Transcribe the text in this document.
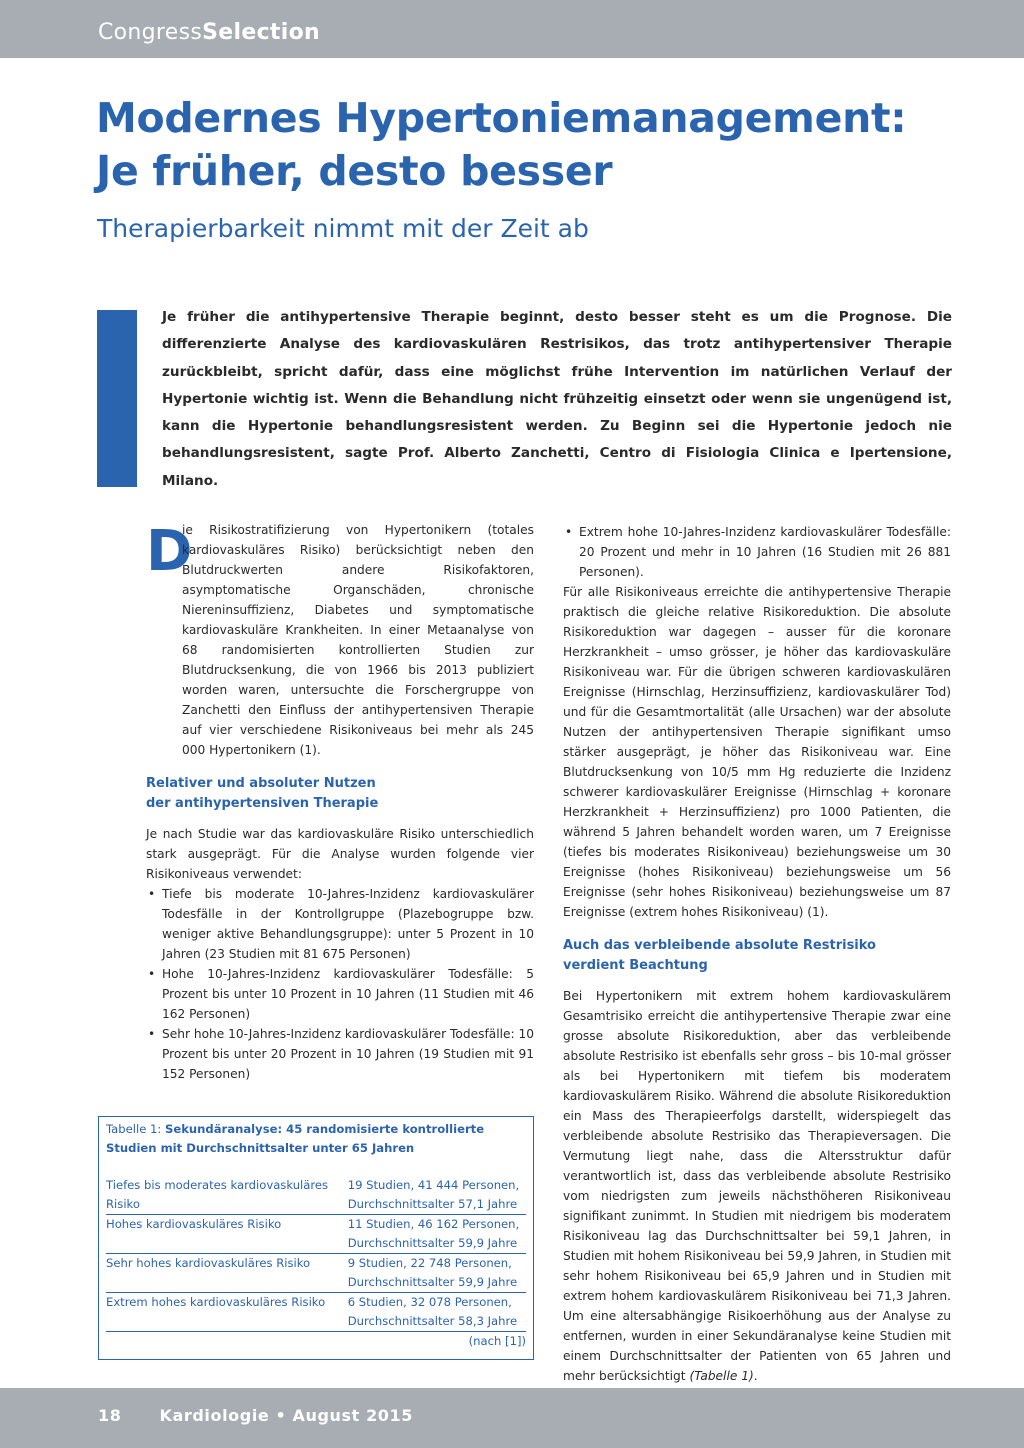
CongressSelection
Modernes Hypertoniemanagement:
Je früher, desto besser
Therapierbarkeit nimmt mit der Zeit ab

Je früher die antihypertensive Therapie beginnt, desto besser steht es um die Prognose. Die differenzierte Analyse des kardiovaskulären Restrisikos, das trotz antihypertensiver Therapie zurückbleibt, spricht dafür, dass eine möglichst frühe Intervention im natürlichen Verlauf der Hypertonie wichtig ist. Wenn die Behandlung nicht frühzeitig einsetzt oder wenn sie ungenügend ist, kann die Hypertonie behandlungsresistent werden. Zu Beginn sei die Hypertonie jedoch nie behandlungsresistent, sagte Prof. Alberto Zanchetti, Centro di Fisiologia Clinica e Ipertensione, Milano.

D

ie Risikostratifizierung von Hypertonikern (totales kardiovaskuläres Risiko) berücksichtigt neben den Blutdruckwerten andere Risikofaktoren, asymptomatische Organschäden, chronische Niereninsuffizienz, Diabetes und symptomatische kardiovaskuläre Krankheiten. In einer Metaanalyse von 68 randomisierten kontrollierten Studien zur Blutdrucksenkung, die von 1966 bis 2013 publiziert worden waren, untersuchte die Forschergruppe von Zanchetti den Einfluss der antihypertensiven Therapie auf vier verschiedene Risikoniveaus bei mehr als 245 000 Hypertonikern (1).

Relativer und absoluter Nutzen
der antihypertensiven Therapie

Je nach Studie war das kardiovaskuläre Risiko unterschiedlich stark ausgeprägt. Für die Analyse wurden folgende vier Risikoniveaus verwendet:

• Tiefe bis moderate 10-Jahres-Inzidenz kardiovaskulärer Todesfälle in der Kontrollgruppe (Plazebogruppe bzw. weniger aktive Behandlungsgruppe): unter 5 Prozent in 10 Jahren (23 Studien mit 81 675 Personen)
• Hohe 10-Jahres-Inzidenz kardiovaskulärer Todesfälle: 5 Prozent bis unter 10 Prozent in 10 Jahren (11 Studien mit 46 162 Personen)
• Sehr hohe 10-Jahres-Inzidenz kardiovaskulärer Todesfälle: 10 Prozent bis unter 20 Prozent in 10 Jahren (19 Studien mit 91 152 Personen)
• Extrem hohe 10-Jahres-Inzidenz kardiovaskulärer Todesfälle: 20 Prozent und mehr in 10 Jahren (16 Studien mit 26 881 Personen).

Für alle Risikoniveaus erreichte die antihypertensive Therapie praktisch die gleiche relative Risikoreduktion. Die absolute Risikoreduktion war dagegen – ausser für die koronare Herzkrankheit – umso grösser, je höher das kardiovaskuläre Risikoniveau war. Für die übrigen schweren kardiovaskulären Ereignisse (Hirnschlag, Herzinsuffizienz, kardiovaskulärer Tod) und für die Gesamtmortalität (alle Ursachen) war der absolute Nutzen der antihypertensiven Therapie signifikant umso stärker ausgeprägt, je höher das Risikoniveau war. Eine Blutdrucksenkung von 10/5 mm Hg reduzierte die Inzidenz schwerer kardiovaskulärer Ereignisse (Hirnschlag + koronare Herzkrankheit + Herzinsuffizienz) pro 1000 Patienten, die während 5 Jahren behandelt worden waren, um 7 Ereignisse (tiefes bis moderates Risikoniveau) beziehungsweise um 30 Ereignisse (hohes Risikoniveau) beziehungsweise um 56 Ereignisse (sehr hohes Risikoniveau) beziehungsweise um 87 Ereignisse (extrem hohes Risikoniveau) (1).

Auch das verbleibende absolute Restrisiko
verdient Beachtung

Bei Hypertonikern mit extrem hohem kardiovaskulärem Gesamtrisiko erreicht die antihypertensive Therapie zwar eine grosse absolute Risikoreduktion, aber das verbleibende absolute Restrisiko ist ebenfalls sehr gross – bis 10-mal grösser als bei Hypertonikern mit tiefem bis moderatem kardiovaskulärem Risiko. Während die absolute Risikoreduktion ein Mass des Therapieerfolgs darstellt, widerspiegelt das verbleibende absolute Restrisiko das Therapieversagen. Die Vermutung liegt nahe, dass die Altersstruktur dafür verantwortlich ist, dass das verbleibende absolute Restrisiko vom niedrigsten zum jeweils nächsthöheren Risikoniveau signifikant zunimmt. In Studien mit niedrigem bis moderatem Risikoniveau lag das Durchschnittsalter bei 59,1 Jahren, in Studien mit hohem Risikoniveau bei 59,9 Jahren, in Studien mit sehr hohem Risikoniveau bei 65,9 Jahren und in Studien mit extrem hohem kardiovaskulärem Risikoniveau bei 71,3 Jahren. Um eine altersabhängige Risikoerhöhung aus der Analyse zu entfernen, wurden in einer Sekundäranalyse keine Studien mit einem Durchschnittsalter der Patienten von 65 Jahren und mehr berücksichtigt (Tabelle 1).

Tabelle 1: Sekundäranalyse: 45 randomisierte kontrollierte Studien mit Durchschnittsalter unter 65 Jahren
Tiefes bis moderates kardiovaskuläres Risiko
19 Studien, 41 444 Personen,
Durchschnittsalter 57,1 Jahre
Hohes kardiovaskuläres Risiko	11 Studien, 46 162 Personen,
Durchschnittsalter 59,9 Jahre
Sehr hohes kardiovaskuläres Risiko	9 Studien, 22 748 Personen,
Durchschnittsalter 59,9 Jahre
Extrem hohes kardiovaskuläres Risiko	6 Studien, 32 078 Personen,
Durchschnittsalter 58,3 Jahre
(nach [1])
18 Kardiologie • August 2015
